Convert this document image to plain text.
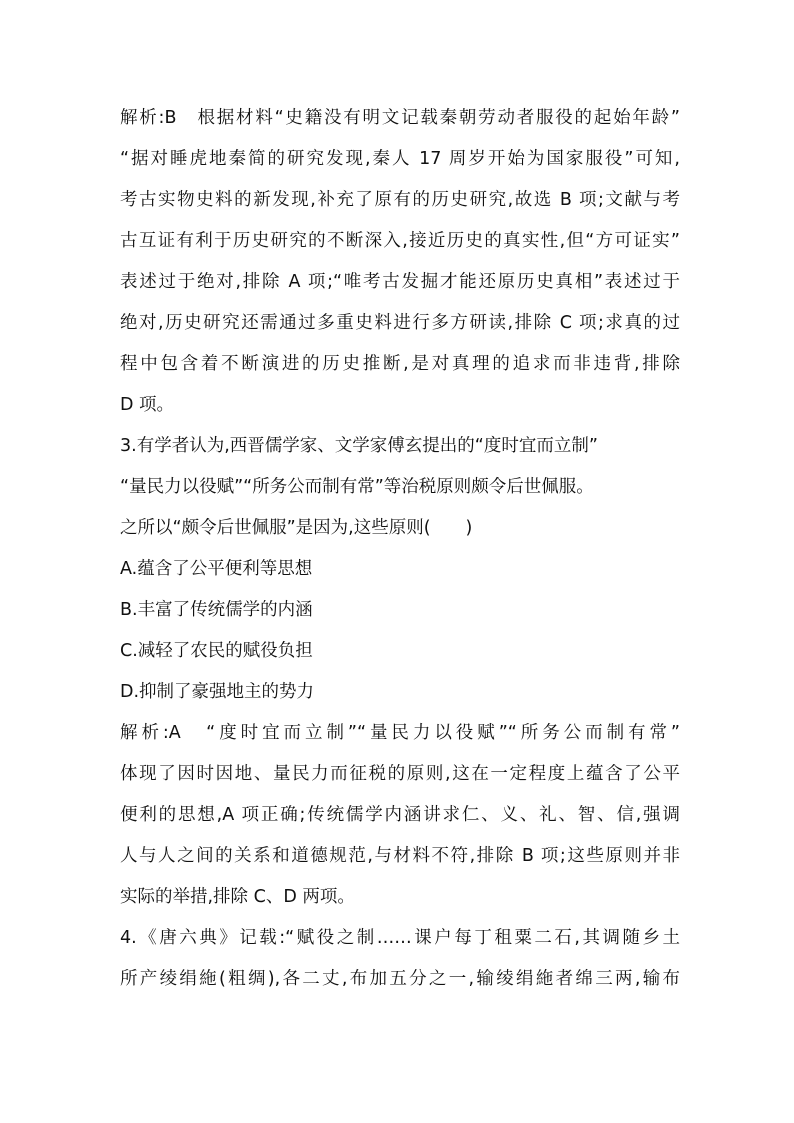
解析:B　根据材料“史籍没有明文记载秦朝劳动者服役的起始年龄”
“据对睡虎地秦简的研究发现,秦人 17 周岁开始为国家服役”可知,
考古实物史料的新发现,补充了原有的历史研究,故选 B 项;文献与考
古互证有利于历史研究的不断深入,接近历史的真实性,但“方可证实”
表述过于绝对,排除 A 项;“唯考古发掘才能还原历史真相”表述过于
绝对,历史研究还需通过多重史料进行多方研读,排除 C 项;求真的过
程中包含着不断演进的历史推断,是对真理的追求而非违背,排除
D 项。
3.有学者认为,西晋儒学家、文学家傅玄提出的“度时宜而立制”
“量民力以役赋”“所务公而制有常”等治税原则颇令后世佩服。
之所以“颇令后世佩服”是因为,这些原则(　　)
A.蕴含了公平便利等思想
B.丰富了传统儒学的内涵
C.减轻了农民的赋役负担
D.抑制了豪强地主的势力
解析:A　“度时宜而立制”“量民力以役赋”“所务公而制有常”
体现了因时因地、量民力而征税的原则,这在一定程度上蕴含了公平
便利的思想,A 项正确;传统儒学内涵讲求仁、义、礼、智、信,强调
人与人之间的关系和道德规范,与材料不符,排除 B 项;这些原则并非
实际的举措,排除 C、D 两项。
4.《唐六典》记载:“赋役之制……课户每丁租粟二石,其调随乡土
所产绫绢絁(粗绸),各二丈,布加五分之一,输绫绢絁者绵三两,输布
